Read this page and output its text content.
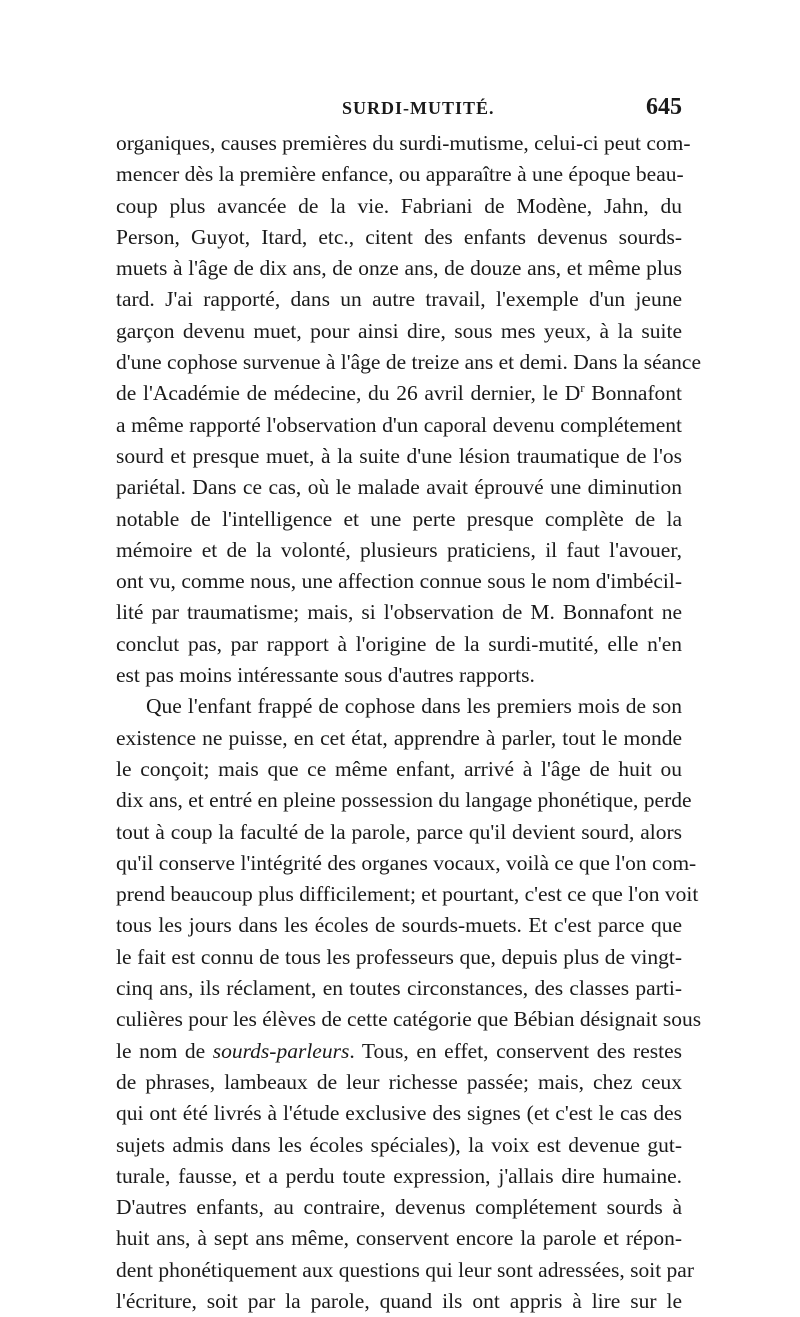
SURDI-MUTITÉ.	645
organiques, causes premières du surdi-mutisme, celui-ci peut com-
mencer dès la première enfance, ou apparaître à une époque beau-
coup plus avancée de la vie. Fabriani de Modène, Jahn, du
Person, Guyot, Itard, etc., citent des enfants devenus sourds-
muets à l'âge de dix ans, de onze ans, de douze ans, et même plus
tard. J'ai rapporté, dans un autre travail, l'exemple d'un jeune
garçon devenu muet, pour ainsi dire, sous mes yeux, à la suite
d'une cophose survenue à l'âge de treize ans et demi. Dans la séance
de l'Académie de médecine, du 26 avril dernier, le $D^r$ Bonnafont
a même rapporté l'observation d'un caporal devenu complétement
sourd et presque muet, à la suite d'une lésion traumatique de l'os
pariétal. Dans ce cas, où le malade avait éprouvé une diminution
notable de l'intelligence et une perte presque complète de la
mémoire et de la volonté, plusieurs praticiens, il faut l'avouer,
ont vu, comme nous, une affection connue sous le nom d'imbécil-
lité par traumatisme; mais, si l'observation de M. Bonnafont ne
conclut pas, par rapport à l'origine de la surdi-mutité, elle n'en
est pas moins intéressante sous d'autres rapports.
Que l'enfant frappé de cophose dans les premiers mois de son
existence ne puisse, en cet état, apprendre à parler, tout le monde
le conçoit; mais que ce même enfant, arrivé à l'âge de huit ou
dix ans, et entré en pleine possession du langage phonétique, perde
tout à coup la faculté de la parole, parce qu'il devient sourd, alors
qu'il conserve l'intégrité des organes vocaux, voilà ce que l'on com-
prend beaucoup plus difficilement; et pourtant, c'est ce que l'on voit
tous les jours dans les écoles de sourds-muets. Et c'est parce que
le fait est connu de tous les professeurs que, depuis plus de vingt-
cinq ans, ils réclament, en toutes circonstances, des classes parti-
culières pour les élèves de cette catégorie que Bébian désignait sous
le nom de sourds-parleurs. Tous, en effet, conservent des restes
de phrases, lambeaux de leur richesse passée; mais, chez ceux
qui ont été livrés à l'étude exclusive des signes (et c'est le cas des
sujets admis dans les écoles spéciales), la voix est devenue gut-
turale, fausse, et a perdu toute expression, j'allais dire humaine.
D'autres enfants, au contraire, devenus complétement sourds à
huit ans, à sept ans même, conservent encore la parole et répon-
dent phonétiquement aux questions qui leur sont adressées, soit par
l'écriture, soit par la parole, quand ils ont appris à lire sur le
